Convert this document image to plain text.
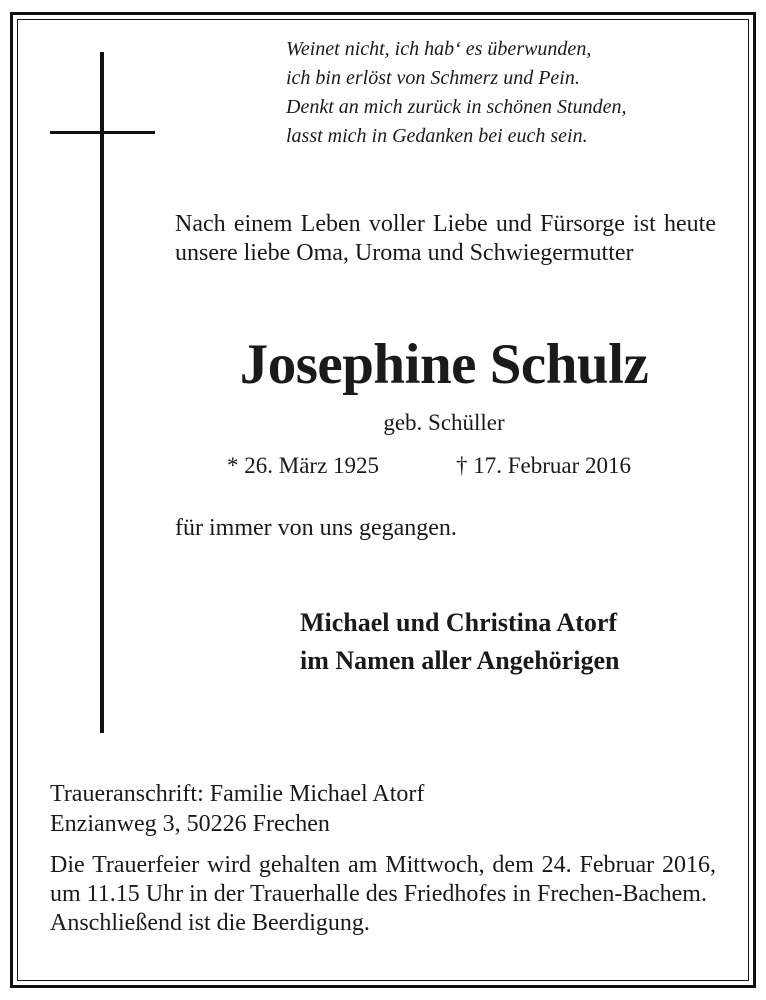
Weinet nicht, ich hab‘ es überwunden,
ich bin erlöst von Schmerz und Pein.
Denkt an mich zurück in schönen Stunden,
lasst mich in Gedanken bei euch sein.
Nach einem Leben voller Liebe und Fürsorge ist heute unsere liebe Oma, Uroma und Schwiegermutter
Josephine Schulz
geb. Schüller
* 26. März 1925	† 17. Februar 2016
für immer von uns gegangen.
Michael und Christina Atorf
im Namen aller Angehörigen
Traueranschrift: Familie Michael Atorf
Enzianweg 3, 50226 Frechen
Die Trauerfeier wird gehalten am Mittwoch, dem 24. Februar 2016, um 11.15 Uhr in der Trauerhalle des Friedhofes in Frechen-Bachem.
Anschließend ist die Beerdigung.
